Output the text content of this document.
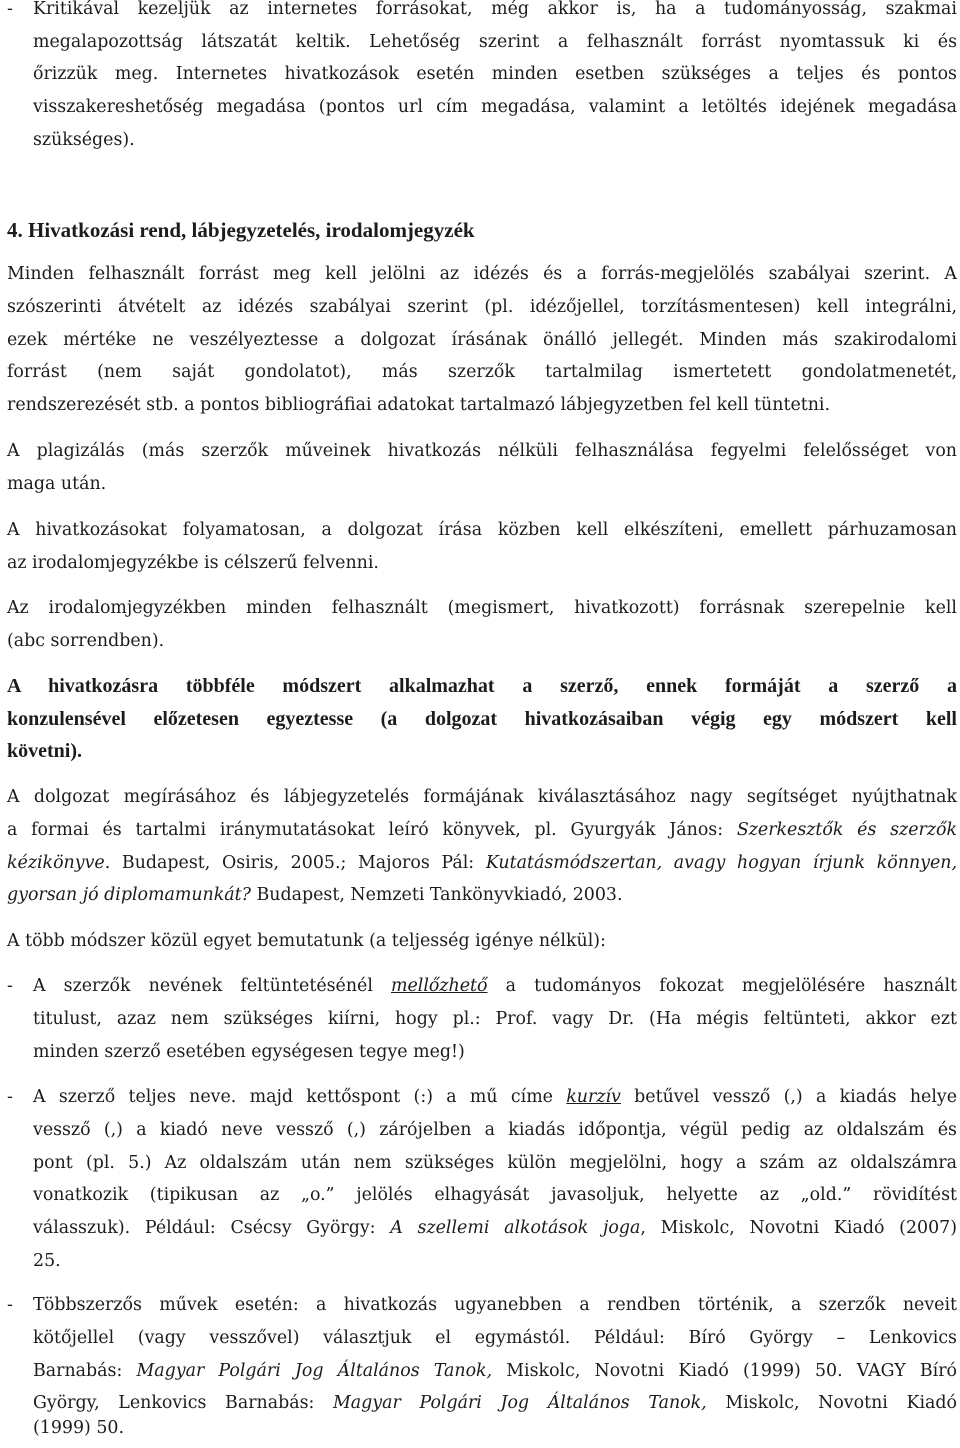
- Kritikával kezeljük az internetes forrásokat, még akkor is, ha a tudományosság, szakmai
megalapozottság látszatát keltik. Lehetőség szerint a felhasznált forrást nyomtassuk ki és
őrizzük meg. Internetes hivatkozások esetén minden esetben szükséges a teljes és pontos
visszakereshetőség megadása (pontos url cím megadása, valamint a letöltés idejének megadása
szükséges).
4. Hivatkozási rend, lábjegyzetelés, irodalomjegyzék
Minden felhasznált forrást meg kell jelölni az idézés és a forrás-megjelölés szabályai szerint. A
szószerinti átvételt az idézés szabályai szerint (pl. idézőjellel, torzításmentesen) kell integrálni,
ezek mértéke ne veszélyeztesse a dolgozat írásának önálló jellegét. Minden más szakirodalomi
forrást (nem saját gondolatot), más szerzők tartalmilag ismertetett gondolatmenetét,
rendszerezését stb. a pontos bibliográfiai adatokat tartalmazó lábjegyzetben fel kell tüntetni.
A plagizálás (más szerzők műveinek hivatkozás nélküli felhasználása fegyelmi felelősséget von
maga után.
A hivatkozásokat folyamatosan, a dolgozat írása közben kell elkészíteni, emellett párhuzamosan
az irodalomjegyzékbe is célszerű felvenni.
Az irodalomjegyzékben minden felhasznált (megismert, hivatkozott) forrásnak szerepelnie kell
(abc sorrendben).
A hivatkozásra többféle módszert alkalmazhat a szerző, ennek formáját a szerző a
konzulensével előzetesen egyeztesse (a dolgozat hivatkozásaiban végig egy módszert kell
követni).
A dolgozat megírásához és lábjegyzetelés formájának kiválasztásához nagy segítséget nyújthatnak
a formai és tartalmi iránymutatásokat leíró könyvek, pl. Gyurgyák János: Szerkesztők és szerzők
kézikönyve. Budapest, Osiris, 2005.; Majoros Pál: Kutatásmódszertan, avagy hogyan írjunk könnyen,
gyorsan jó diplomamunkát? Budapest, Nemzeti Tankönyvkiadó, 2003.
A több módszer közül egyet bemutatunk (a teljesség igénye nélkül):
- A szerzők nevének feltüntetésénél mellőzhető a tudományos fokozat megjelölésére használt
titulust, azaz nem szükséges kiírni, hogy pl.: Prof. vagy Dr. (Ha mégis feltünteti, akkor ezt
minden szerző esetében egységesen tegye meg!)
- A szerző teljes neve. majd kettőspont (:) a mű címe kurzív betűvel vessző (,) a kiadás helye
vessző (,) a kiadó neve vessző (,) zárójelben a kiadás időpontja, végül pedig az oldalszám és
pont (pl. 5.) Az oldalszám után nem szükséges külön megjelölni, hogy a szám az oldalszámra
vonatkozik (tipikusan az „o.” jelölés elhagyását javasoljuk, helyette az „old.” rövidítést
válasszuk). Például: Csécsy György: A szellemi alkotások joga, Miskolc, Novotni Kiadó (2007)
25.
- Többszerzős művek esetén: a hivatkozás ugyanebben a rendben történik, a szerzők neveit
kötőjellel (vagy vesszővel) választjuk el egymástól. Például: Bíró György – Lenkovics
Barnabás: Magyar Polgári Jog Általános Tanok, Miskolc, Novotni Kiadó (1999) 50. VAGY Bíró
György, Lenkovics Barnabás: Magyar Polgári Jog Általános Tanok, Miskolc, Novotni Kiadó
(1999) 50.
